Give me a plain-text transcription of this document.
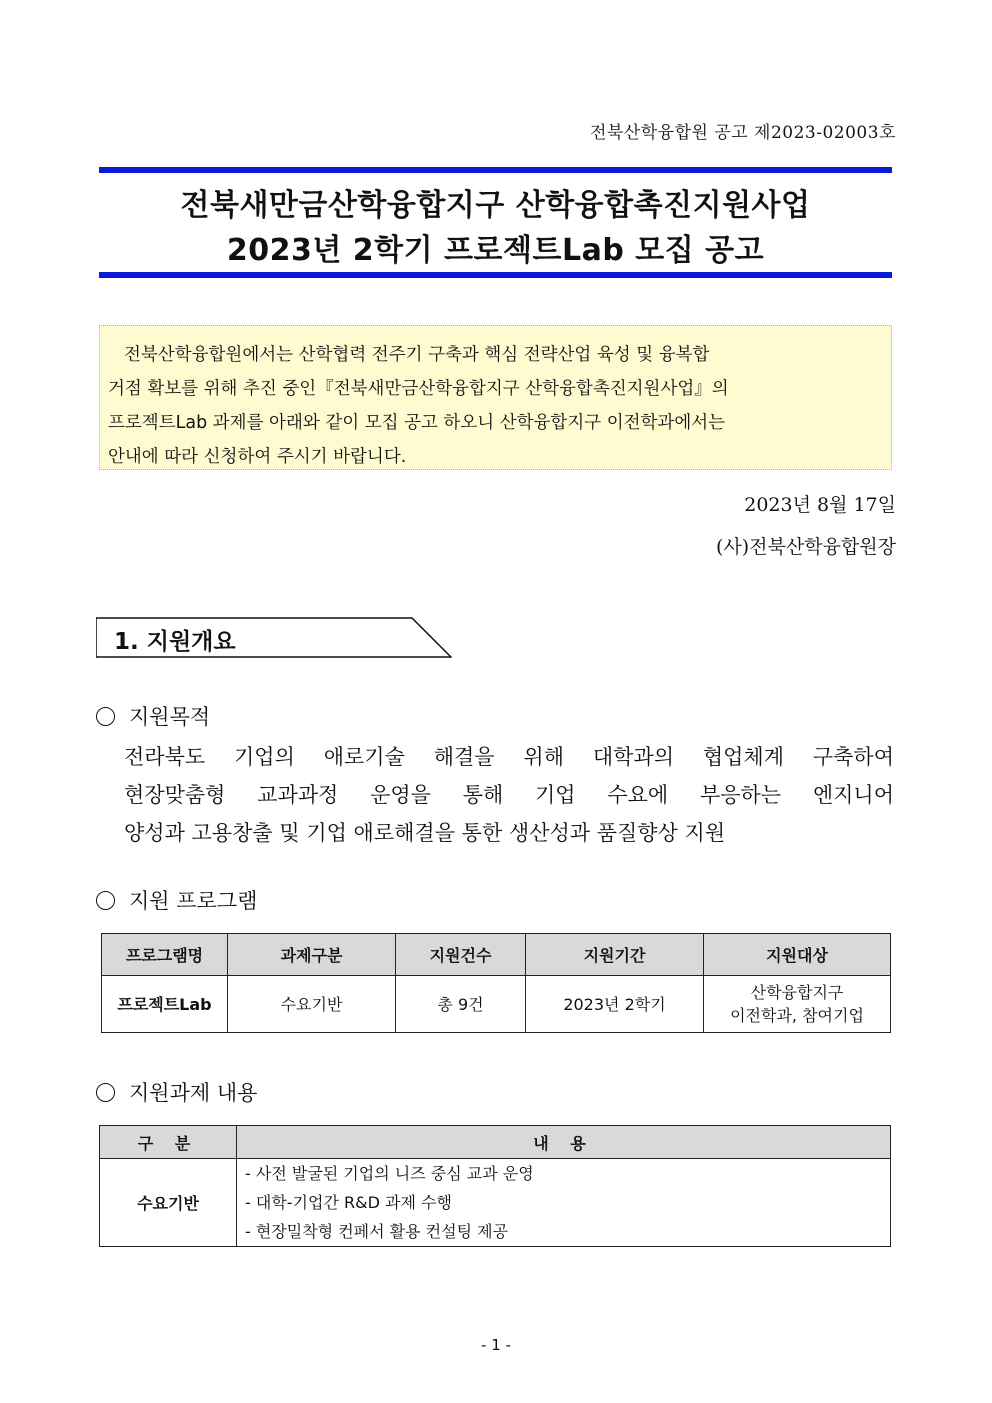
전북산학융합원 공고 제2023-02003호
전북새만금산학융합지구 산학융합촉진지원사업
2023년 2학기 프로젝트Lab 모집 공고
전북산학융합원에서는 산학협력 전주기 구축과 핵심 전략산업 육성 및 융복합
거점 확보를 위해 추진 중인『전북새만금산학융합지구 산학융합촉진지원사업』의
프로젝트Lab 과제를 아래와 같이 모집 공고 하오니 산학융합지구 이전학과에서는
안내에 따라 신청하여 주시기 바랍니다.
2023년 8월 17일
(사)전북산학융합원장
1. 지원개요
지원목적
전라북도 기업의 애로기술 해결을 위해 대학과의 협업체계 구축하여
현장맞춤형 교과과정 운영을 통해 기업 수요에 부응하는 엔지니어
양성과 고용창출 및 기업 애로해결을 통한 생산성과 품질향상 지원
지원 프로그램
프로그램명	과제구분	지원건수	지원기간	지원대상
프로젝트Lab	수요기반	총 9건	2023년 2학기	산학융합지구
이전학과, 참여기업
지원과제 내용
구 분	내 용
수요기반	- 사전 발굴된 기업의 니즈 중심 교과 운영
- 대학-기업간 R&D 과제 수행
- 현장밀착형 컨페서 활용 컨설팅 제공
- 1 -
